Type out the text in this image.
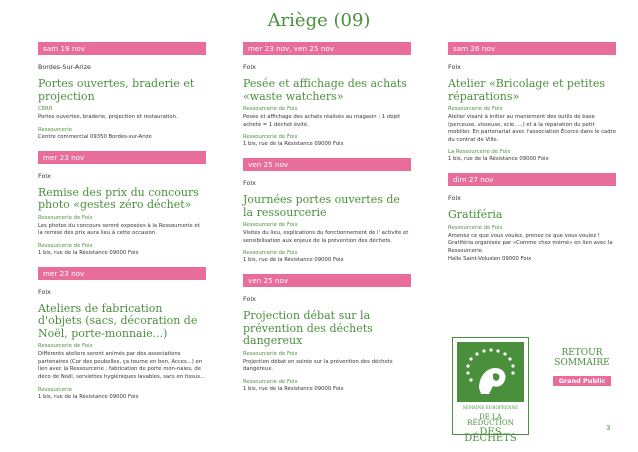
Ariège (09)
sam 19 nov
Bordes-Sur-Arize
Portes ouvertes, braderie et projection
CERR
Portes ouvertes, braderie, projection et restauration.
Ressourcerie
Centre commercial 09350 Bordes-sur-Arize
mer 23 nov
Foix
Remise des prix du concours photo «gestes zéro déchet»
Ressourcerie de Foix
Les photos du concours seront exposées à la Ressourcerie et la remise des prix aura lieu à cette occasion.
Ressourcerie de Foix
1 bis, rue de la Résistance 09000 Foix
mer 23 nov
Foix
Ateliers de fabrication d'objets (sacs, décoration de Noël, porte-monnaie...)
Ressourcerie de Foix
Différents ateliers seront animés par des associations partenaires (Cor des poubelles, ça tourne en bon, Acces...) en lien avec la Ressourcerie : fabrication de porte mon-naies, de déco de Noël, serviettes hygiéniques lavables, sacs en tissus...
Ressourcerie
1 bis, rue de la Résistance 09000 Foix
mer 23 nov, ven 25 nov
Foix
Pesée et affichage des achats «waste watchers»
Ressourcerie de Foix
Pesée et affichage des achats réalisés au magasin : 1 objet acheté = 1 déchet évité.
Ressourcerie de Foix
1 bis, rue de la Résistance 09000 Foix
ven 25 nov
Foix
Journées portes ouvertes de la ressourcerie
Ressourcerie de Foix
Visites du lieu, explications du fonctionnement de l' activité et sensibilisation aux enjeux de la prévention des déchets.
Ressourcerie de Foix
1 bis, rue de la Résistance 09000 Foix
ven 25 nov
Foix
Projection débat sur la prévention des déchets dangereux
Ressourcerie de Foix
Projection débat en soirée sur la prévention des déchets dangereux.
Ressourcerie de Foix
1 bis, rue de la Résistance 09000 Foix
sam 26 nov
Foix
Atelier «Bricolage et petites réparations»
Ressourcerie de Foix
Atelier visant à initier au maniement des outils de base (perceuse, visseuse, scie, ...) et à la réparation du petit mobilier. En partenariat avec l'association Écorce dans le cadre du contrat de Ville.
La Ressourcerie de Foix
1 bis, rue de la Résistance 09000 Foix
dim 27 nov
Foix
Gratiféria
Ressourcerie de Foix
Amenez ce que vous voulez, prenez ce que vous voulez ! Gratiféria organisée par «Comme chez mémé» en lien avec la Ressourcerie.
Halle Saint-Volusien 09000 Foix
SEMAINE EUROPÉENNE
DE LA RÉDUCTION
DES DÉCHETS
RETOUR
SOMMAIRE
Grand Public
3
